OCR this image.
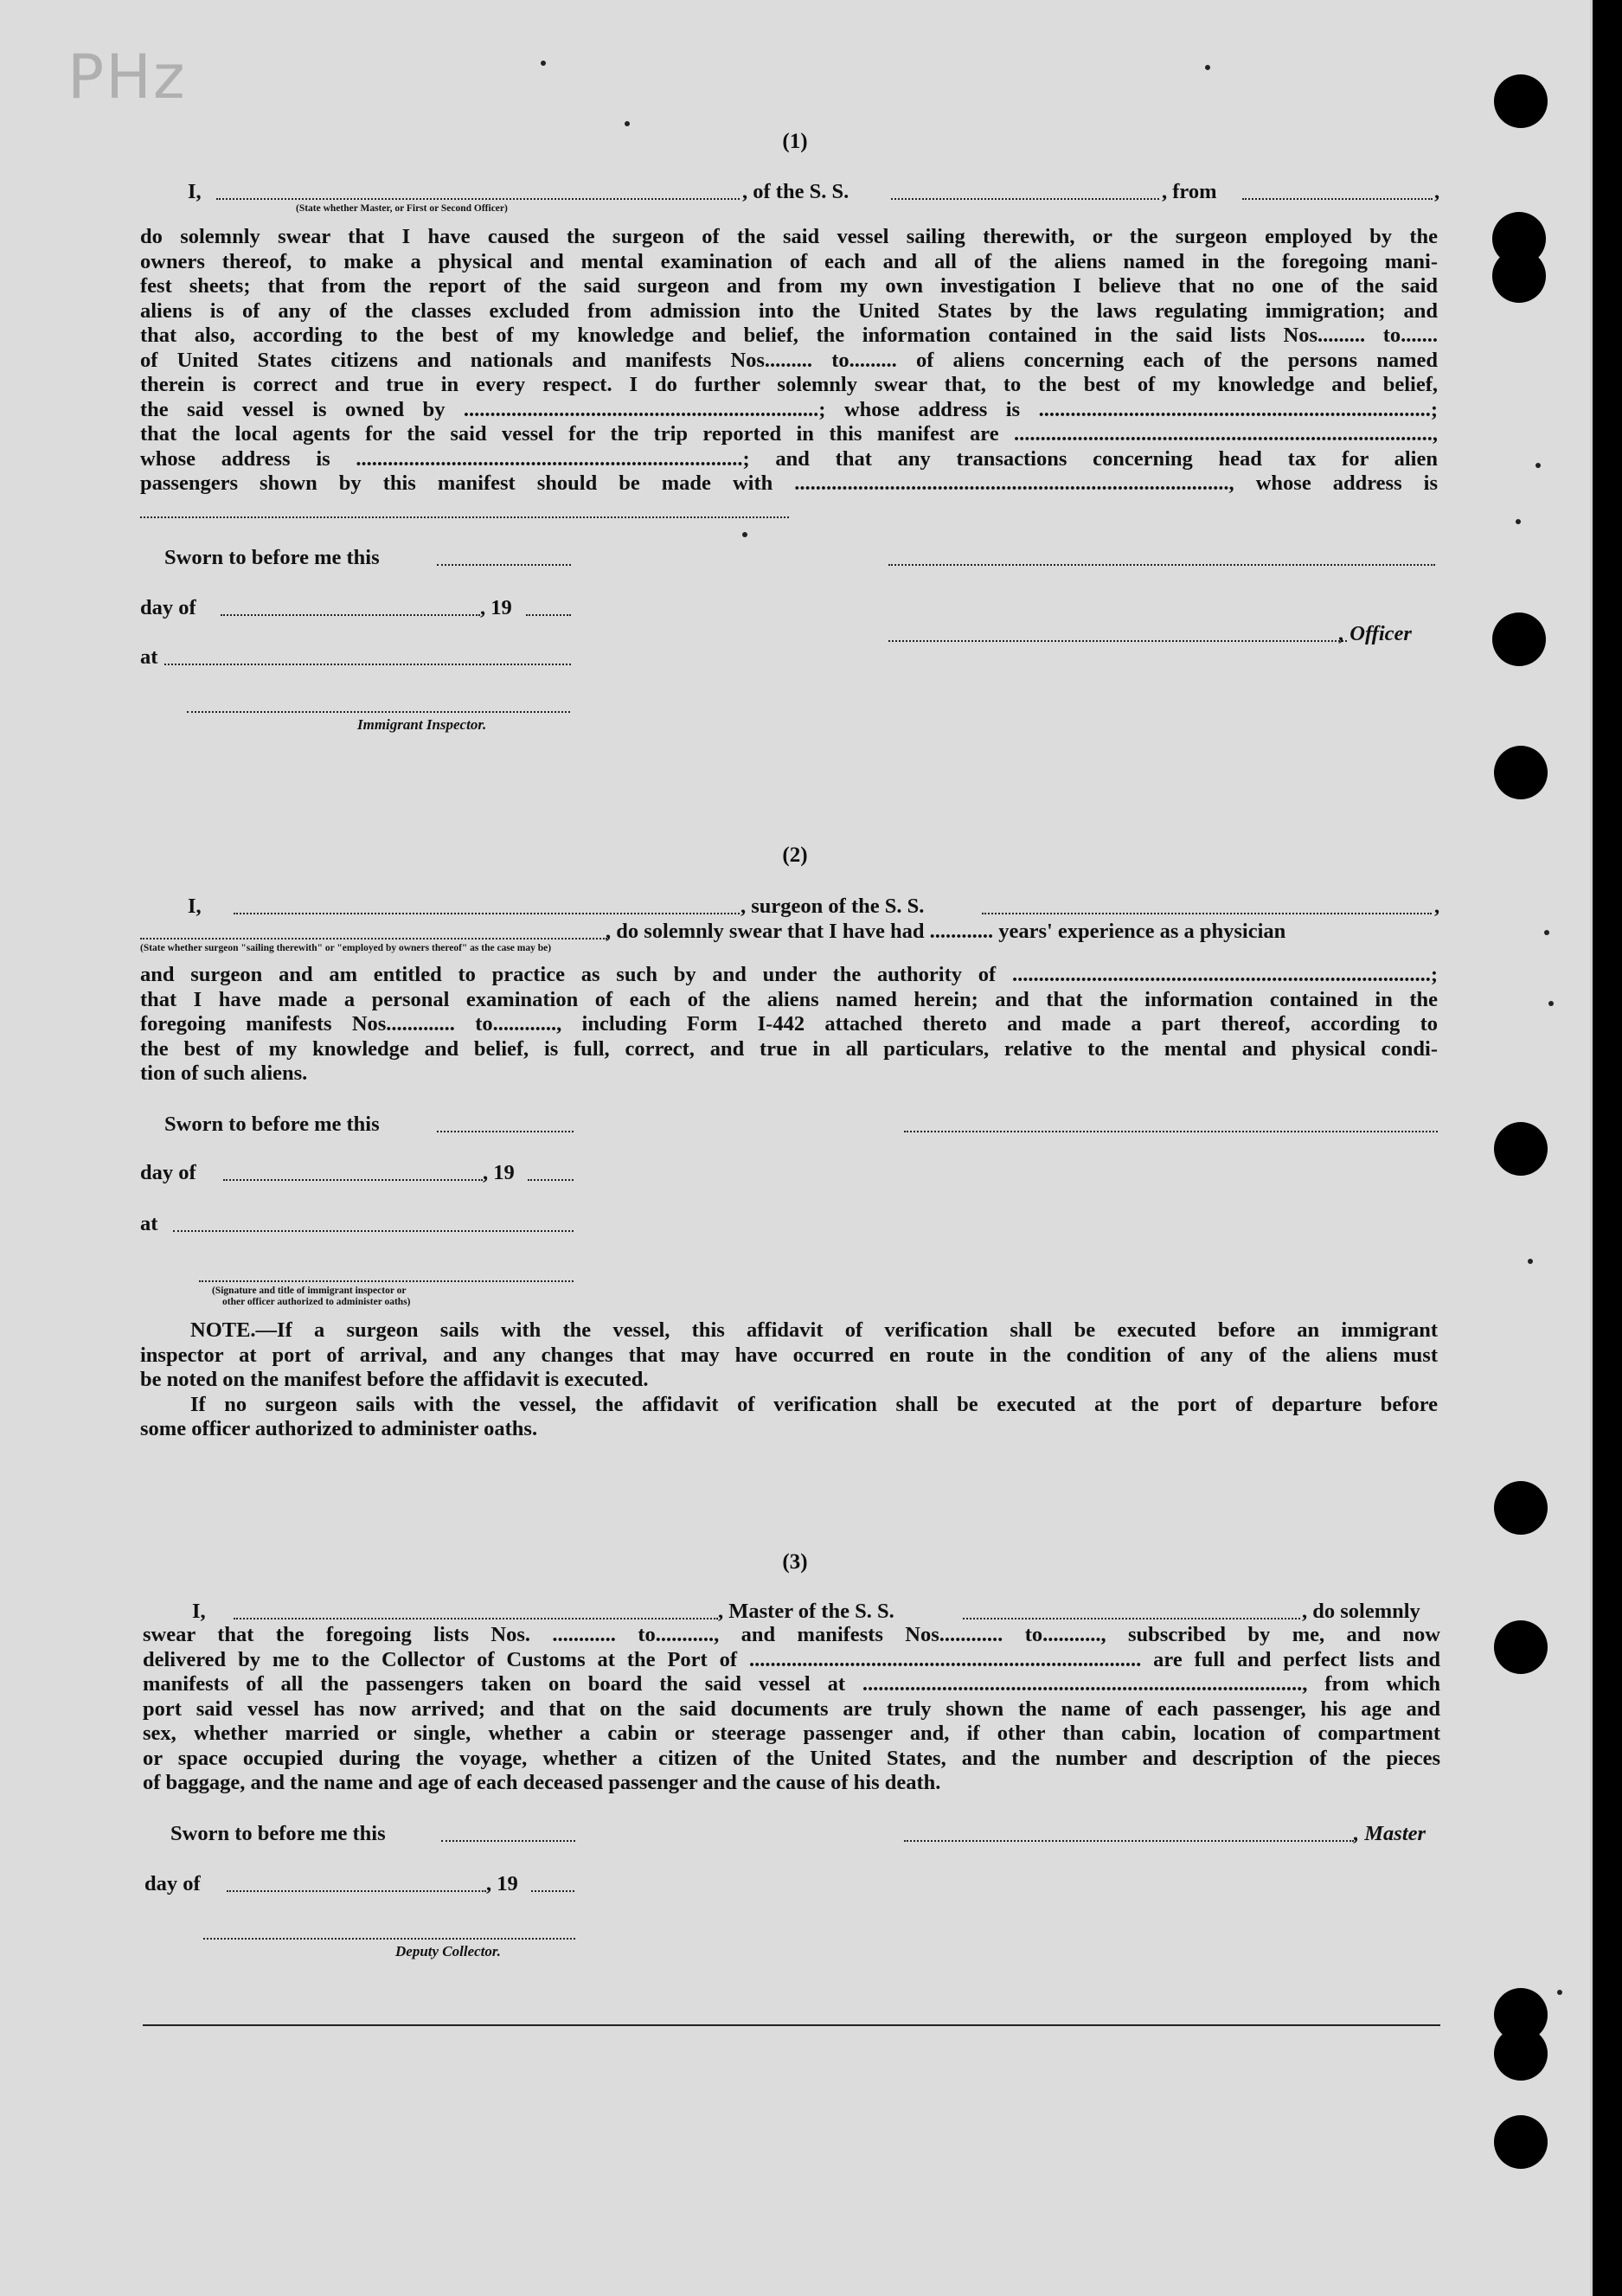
PHz
(1)
I,	, of the S. S.	, from	,
(State whether Master, or First or Second Officer)

do solemnly swear that I have caused the surgeon of the said vessel sailing therewith, or the surgeon employed by the

owners thereof, to make a physical and mental examination of each and all of the aliens named in the foregoing mani-

fest sheets; that from the report of the said surgeon and from my own investigation I believe that no one of the said

aliens is of any of the classes excluded from admission into the United States by the laws regulating immigration; and

that also, according to the best of my knowledge and belief, the information contained in the said lists Nos......... to.......

of United States citizens and nationals and manifests Nos......... to......... of aliens concerning each of the persons named

therein is correct and true in every respect. I do further solemnly swear that, to the best of my knowledge and belief,

the said vessel is owned by ...................................................................; whose address is ..........................................................................;

that the local agents for the said vessel for the trip reported in this manifest are ...............................................................................,

whose address is .........................................................................; and that any transactions concerning head tax for alien

passengers shown by this manifest should be made with .................................................................................., whose address is

Sworn to before me this
day of	, 19
, Officer
at
Immigrant Inspector.
(2)
I,	, surgeon of the S. S.	,
, do solemnly swear that I have had ............ years' experience as a physician
(State whether surgeon "sailing therewith" or "employed by owners thereof" as the case may be)

and surgeon and am entitled to practice as such by and under the authority of ...............................................................................;

that I have made a personal examination of each of the aliens named herein; and that the information contained in the

foregoing manifests Nos............. to............, including Form I-442 attached thereto and made a part thereof, according to

the best of my knowledge and belief, is full, correct, and true in all particulars, relative to the mental and physical condi-

tion of such aliens.

Sworn to before me this
day of	, 19
at
(Signature and title of immigrant inspector or
other officer authorized to administer oaths)

NOTE.—If a surgeon sails with the vessel, this affidavit of verification shall be executed before an immigrant

inspector at port of arrival, and any changes that may have occurred en route in the condition of any of the aliens must

be noted on the manifest before the affidavit is executed.

If no surgeon sails with the vessel, the affidavit of verification shall be executed at the port of departure before

some officer authorized to administer oaths.

(3)
I,	, Master of the S. S.	, do solemnly

swear that the foregoing lists Nos. ............ to..........., and manifests Nos............ to..........., subscribed by me, and now

delivered by me to the Collector of Customs at the Port of .......................................................................... are full and perfect lists and

manifests of all the passengers taken on board the said vessel at ..................................................................................., from which

port said vessel has now arrived; and that on the said documents are truly shown the name of each passenger, his age and

sex, whether married or single, whether a cabin or steerage passenger and, if other than cabin, location of compartment

or space occupied during the voyage, whether a citizen of the United States, and the number and description of the pieces

of baggage, and the name and age of each deceased passenger and the cause of his death.

Sworn to before me this	, Master
day of	, 19
Deputy Collector.
